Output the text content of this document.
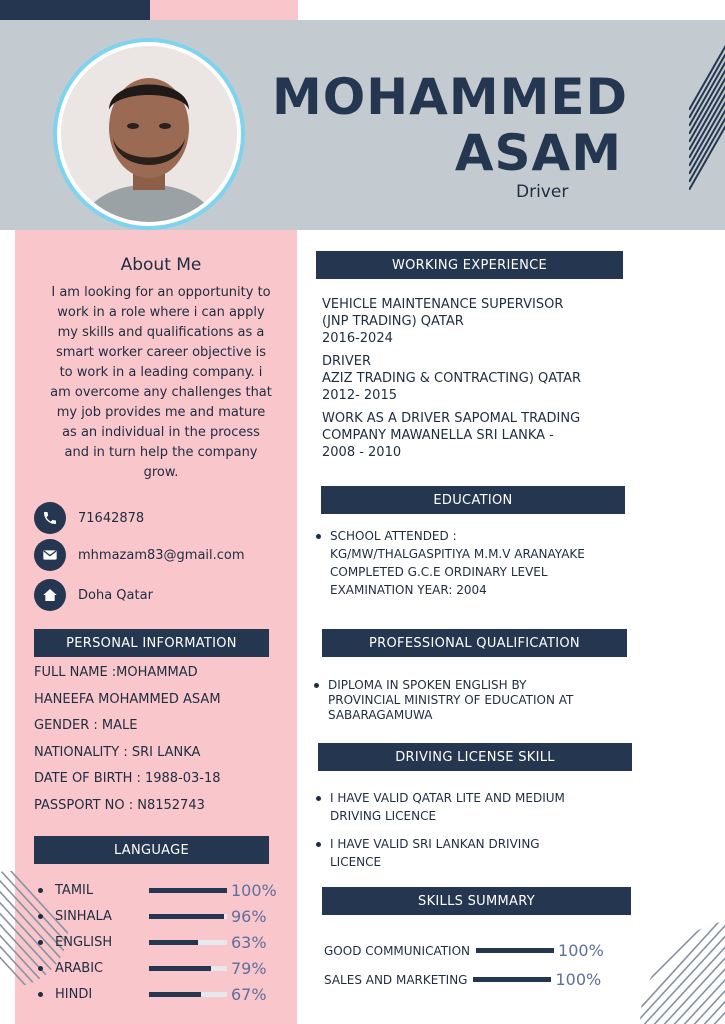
MOHAMMED
ASAM
Driver
About Me
I am looking for an opportunity to work in a role where i can apply my skills and qualifications as a smart worker career objective is to work in a leading company. i am overcome any challenges that my job provides me and mature as an individual in the process and in turn help the company grow.
71642878
mhmazam83@gmail.com
Doha Qatar
PERSONAL INFORMATION
FULL NAME :MOHAMMAD
HANEEFA MOHAMMED ASAM
GENDER : MALE
NATIONALITY : SRI LANKA
DATE OF BIRTH : 1988-03-18
PASSPORT NO : N8152743
LANGUAGE
TAMIL	100%
SINHALA	96%
ENGLISH	63%
ARABIC	79%
HINDI	67%
WORKING EXPERIENCE
VEHICLE MAINTENANCE SUPERVISOR
(JNP TRADING) QATAR
2016-2024
DRIVER
AZIZ TRADING & CONTRACTING) QATAR
2012- 2015
WORK AS A DRIVER SAPOMAL TRADING
COMPANY MAWANELLA SRI LANKA -
2008 - 2010
EDUCATION
SCHOOL ATTENDED :
KG/MW/THALGASPITIYA M.M.V ARANAYAKE
COMPLETED G.C.E ORDINARY LEVEL
EXAMINATION YEAR: 2004
PROFESSIONAL QUALIFICATION
DIPLOMA IN SPOKEN ENGLISH BY
PROVINCIAL MINISTRY OF EDUCATION AT
SABARAGAMUWA
DRIVING LICENSE SKILL
I HAVE VALID QATAR LITE AND MEDIUM
DRIVING LICENCE
I HAVE VALID SRI LANKAN DRIVING
LICENCE
SKILLS SUMMARY
GOOD COMMUNICATION	100%
SALES AND MARKETING	100%
